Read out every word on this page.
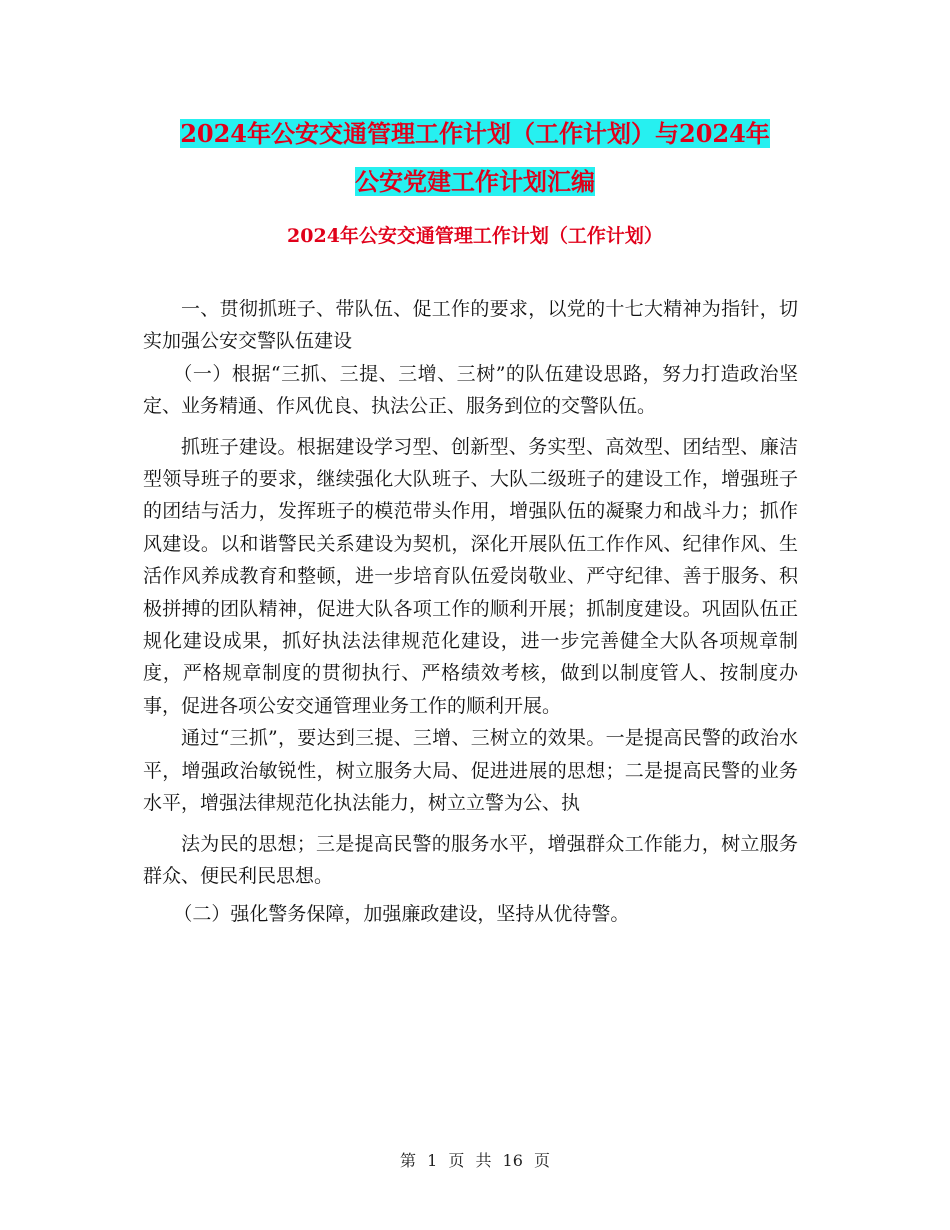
2024年公安交通管理工作计划（工作计划）与2024年
公安党建工作计划汇编
2024年公安交通管理工作计划（工作计划）

一、贯彻抓班子、带队伍、促工作的要求，以党的十七大精神为指针，切实加强公安交警队伍建设

（一）根据“三抓、三提、三增、三树”的队伍建设思路，努力打造政治坚定、业务精通、作风优良、执法公正、服务到位的交警队伍。

抓班子建设。根据建设学习型、创新型、务实型、高效型、团结型、廉洁型领导班子的要求，继续强化大队班子、大队二级班子的建设工作，增强班子的团结与活力，发挥班子的模范带头作用，增强队伍的凝聚力和战斗力；抓作风建设。以和谐警民关系建设为契机，深化开展队伍工作作风、纪律作风、生活作风养成教育和整顿，进一步培育队伍爱岗敬业、严守纪律、善于服务、积极拼搏的团队精神，促进大队各项工作的顺利开展；抓制度建设。巩固队伍正规化建设成果，抓好执法法律规范化建设，进一步完善健全大队各项规章制度，严格规章制度的贯彻执行、严格绩效考核，做到以制度管人、按制度办事，促进各项公安交通管理业务工作的顺利开展。

通过“三抓”，要达到三提、三增、三树立的效果。一是提高民警的政治水平，增强政治敏锐性，树立服务大局、促进进展的思想；二是提高民警的业务水平，增强法律规范化执法能力，树立立警为公、执

法为民的思想；三是提高民警的服务水平，增强群众工作能力，树立服务群众、便民利民思想。

（二）强化警务保障，加强廉政建设，坚持从优待警。

第 1 页 共 16 页
